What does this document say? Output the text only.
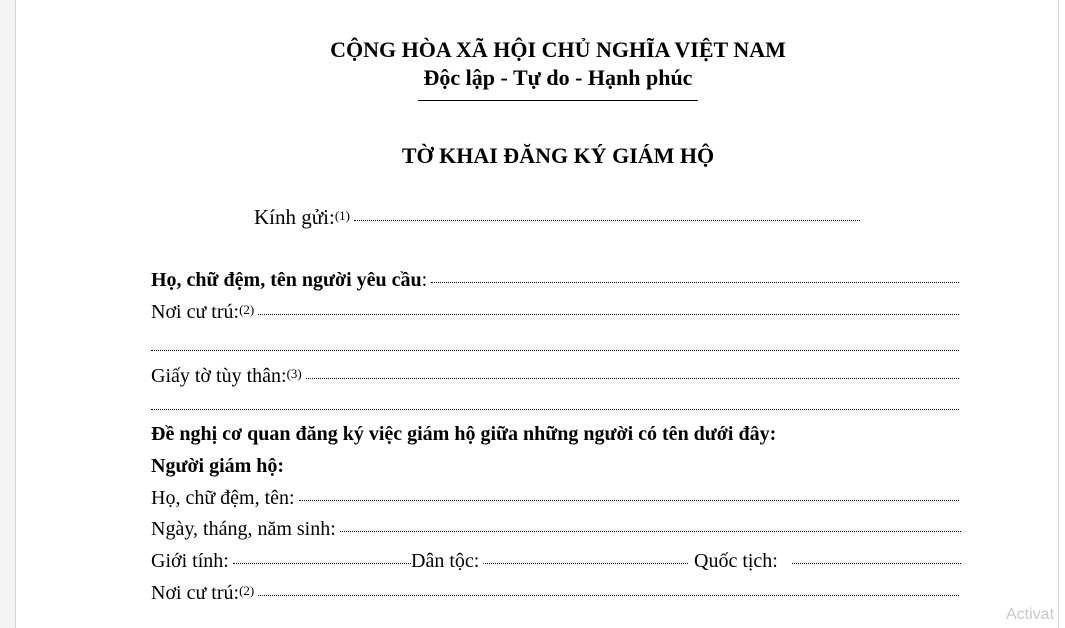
CỘNG HÒA XÃ HỘI CHỦ NGHĨA VIỆT NAM
Độc lập - Tự do - Hạnh phúc
TỜ KHAI ĐĂNG KÝ GIÁM HỘ
Kính gửi:$^{(1)}$
Họ, chữ đệm, tên người yêu cầu :
Nơi cư trú:$^{(2)}$
Giấy tờ tùy thân:$^{(3)}$
Đề nghị cơ quan đăng ký việc giám hộ giữa những người có tên dưới đây:
Người giám hộ:
Họ, chữ đệm, tên:
Ngày, tháng, năm sinh:
Giới tính:	Dân tộc:	Quốc tịch:
Nơi cư trú:$^{(2)}$
Activat
